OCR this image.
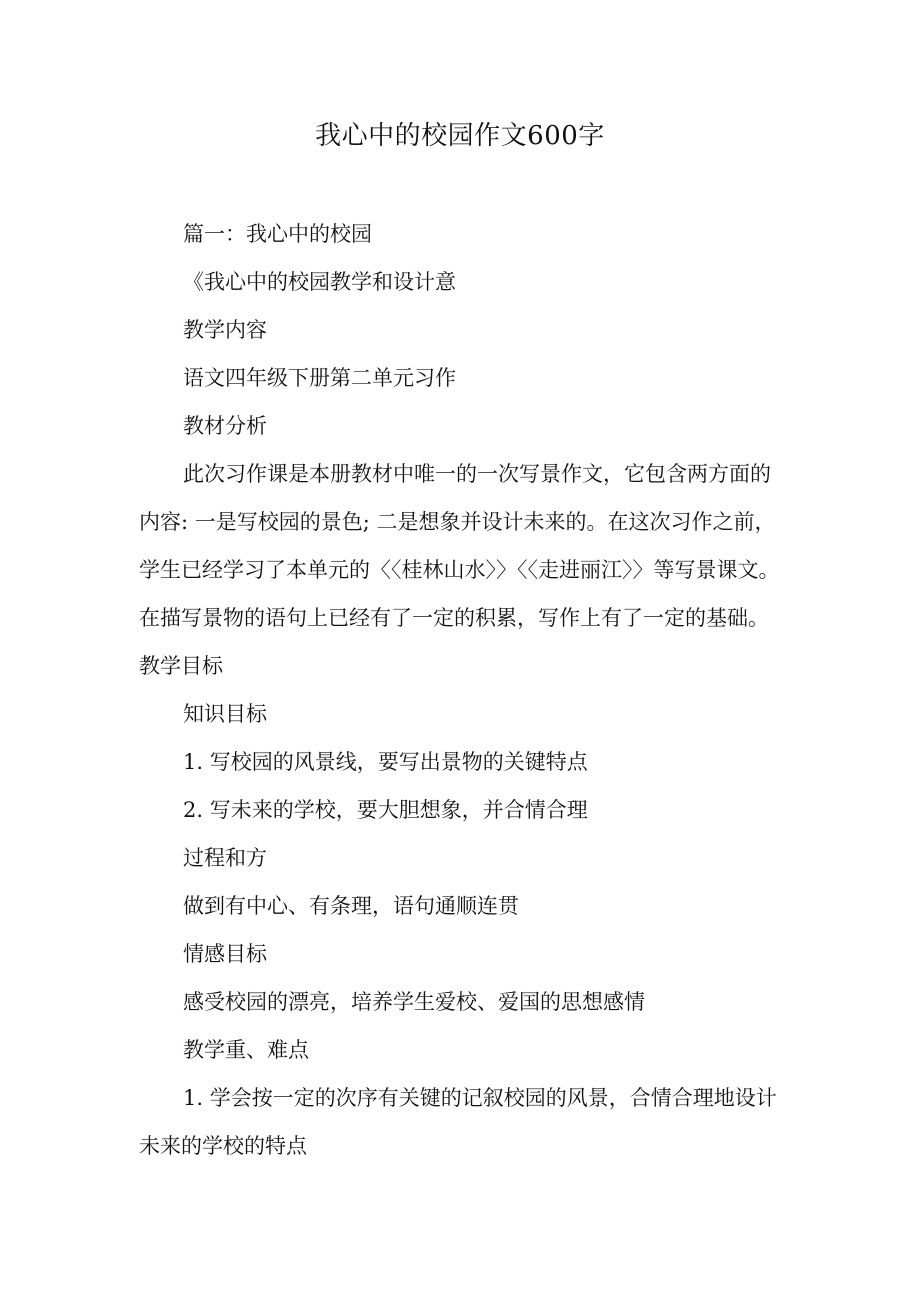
我心中的校园作文600字
篇一：我心中的校园
《我心中的校园教学和设计意
教学内容
语文四年级下册第二单元习作
教材分析
此次习作课是本册教材中唯一的一次写景作文，它包含两方面的
内容: 一是写校园的景色; 二是想象并设计未来的。在这次习作之前，
学生已经学习了本单元的〈〈桂林山水〉〉〈〈走进丽江〉〉等写景课文。
在描写景物的语句上已经有了一定的积累，写作上有了一定的基础。
教学目标
知识目标
1. 写校园的风景线，要写出景物的关键特点
2. 写未来的学校，要大胆想象，并合情合理
过程和方
做到有中心、有条理，语句通顺连贯
情感目标
感受校园的漂亮，培养学生爱校、爱国的思想感情
教学重、难点
1. 学会按一定的次序有关键的记叙校园的风景，合情合理地设计
未来的学校的特点
